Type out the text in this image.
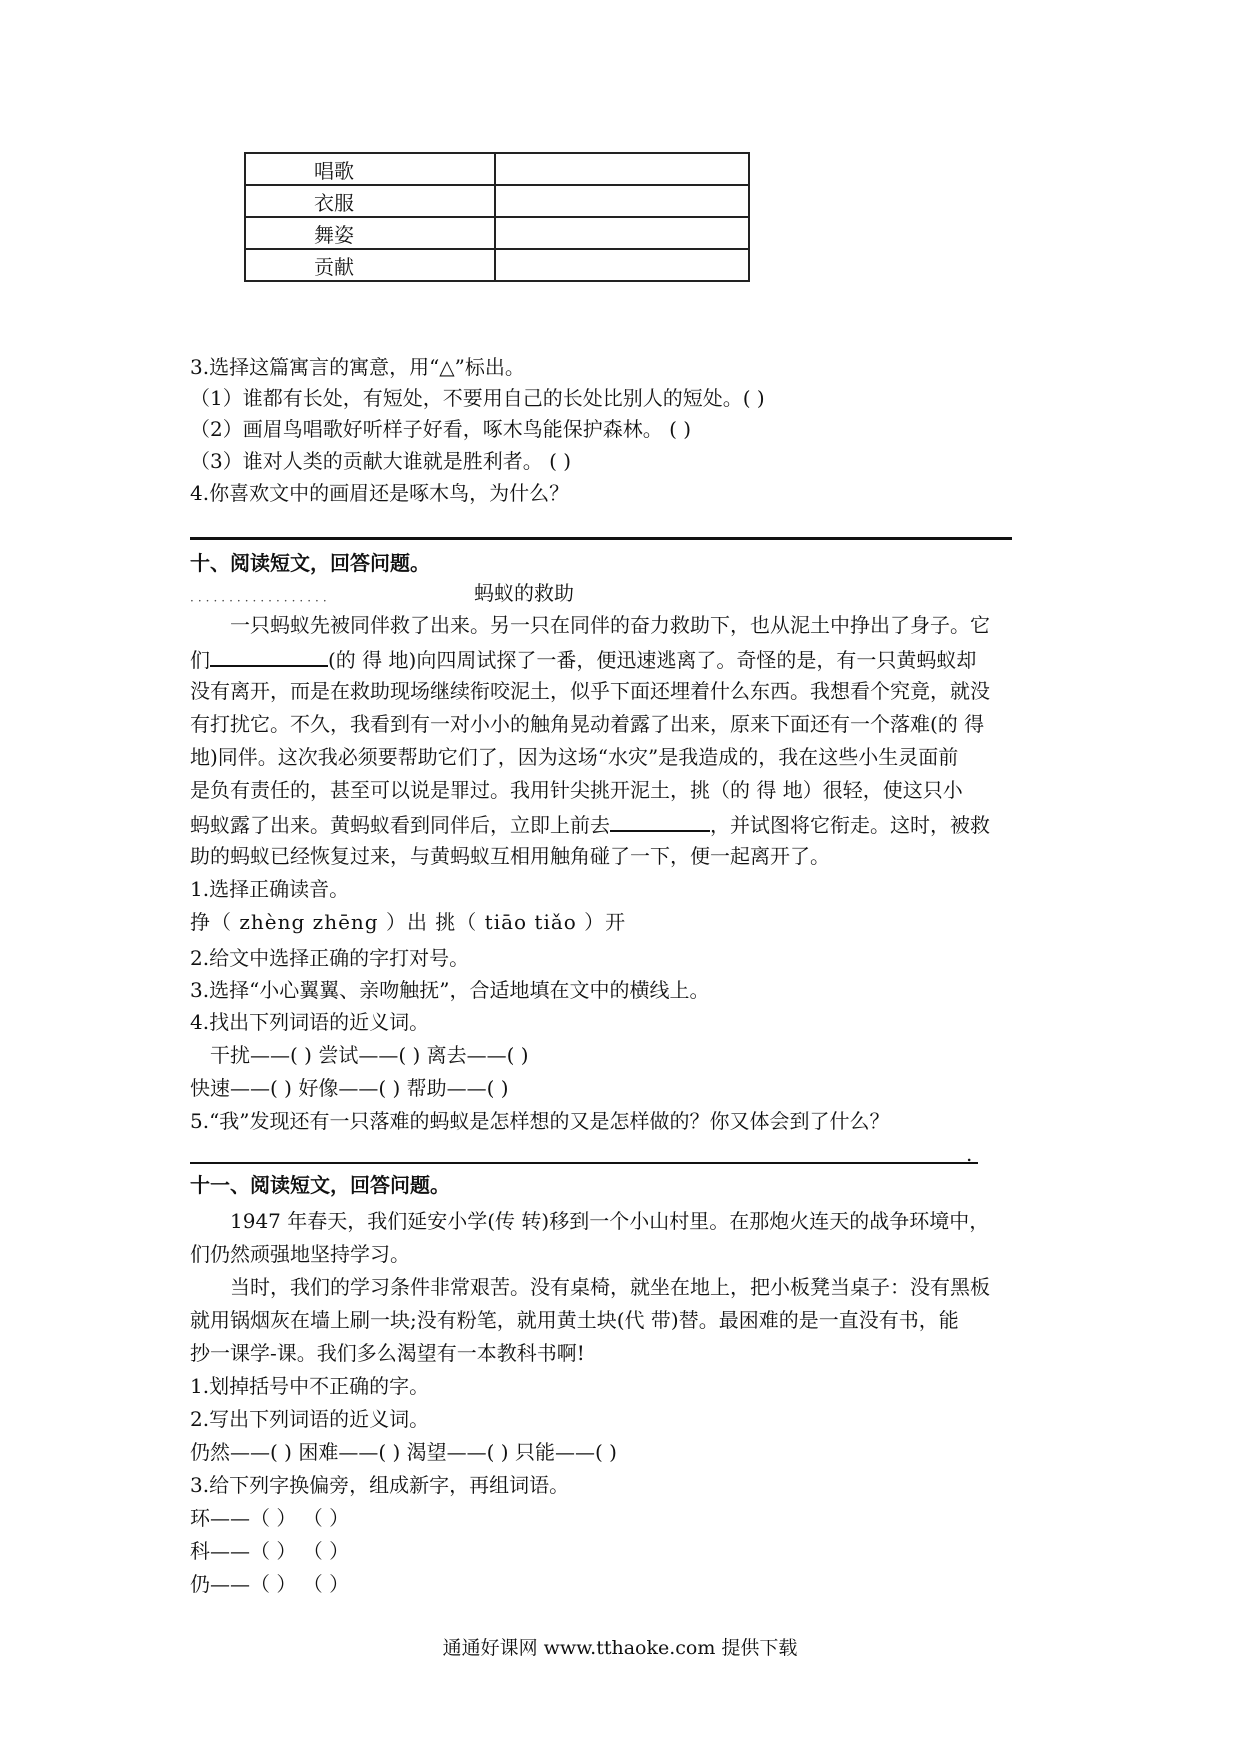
唱歌	
衣服	
舞姿	
贡献	
3.选择这篇寓言的寓意，用“△”标出。
（1）谁都有长处，有短处，不要用自己的长处比别人的短处。( )
（2）画眉鸟唱歌好听样子好看，啄木鸟能保护森林。 ( )
（3）谁对人类的贡献大谁就是胜利者。 ( )
4.你喜欢文中的画眉还是啄木鸟，为什么？
十、阅读短文，回答问题。
··················	蚂蚁的救助
一只蚂蚁先被同伴救了出来。另一只在同伴的奋力救助下，也从泥土中挣出了身子。它
们	(的 得 地)向四周试探了一番，便迅速逃离了。奇怪的是，有一只黄蚂蚁却
没有离开，而是在救助现场继续衔咬泥土，似乎下面还埋着什么东西。我想看个究竟，就没
有打扰它。不久，我看到有一对小小的触角晃动着露了出来，原来下面还有一个落难(的 得
地)同伴。这次我必须要帮助它们了，因为这场“水灾”是我造成的，我在这些小生灵面前
是负有责任的，甚至可以说是罪过。我用针尖挑开泥土，挑（的 得 地）很轻，使这只小
蚂蚁露了出来。黄蚂蚁看到同伴后，立即上前去	，并试图将它衔走。这时，被救
助的蚂蚁已经恢复过来，与黄蚂蚁互相用触角碰了一下，便一起离开了。
1.选择正确读音。
挣（ zhèng zhēng ）出 挑（ tiāo tiǎo ）开
2.给文中选择正确的字打对号。
3.选择“小心翼翼、亲吻触抚”，合适地填在文中的横线上。
4.找出下列词语的近义词。
干扰——( ) 尝试——( ) 离去——( )
快速——( ) 好像——( ) 帮助——( )
5.“我”发现还有一只落难的蚂蚁是怎样想的又是怎样做的？你又体会到了什么？
.
十一、阅读短文，回答问题。
1947 年春天，我们延安小学(传 转)移到一个小山村里。在那炮火连天的战争环境中，
们仍然顽强地坚持学习。
当时，我们的学习条件非常艰苦。没有桌椅，就坐在地上，把小板凳当桌子：没有黑板
就用锅烟灰在墙上刷一块;没有粉笔，就用黄土块(代 带)替。最困难的是一直没有书，能
抄一课学-课。我们多么渴望有一本教科书啊!
1.划掉括号中不正确的字。
2.写出下列词语的近义词。
仍然——( ) 困难——( ) 渴望——( ) 只能——( )
3.给下列字换偏旁，组成新字，再组词语。
环——（ ） （ ）
科——（ ） （ ）
仍——（ ） （ ）
通通好课网 www.tthaoke.com 提供下载
